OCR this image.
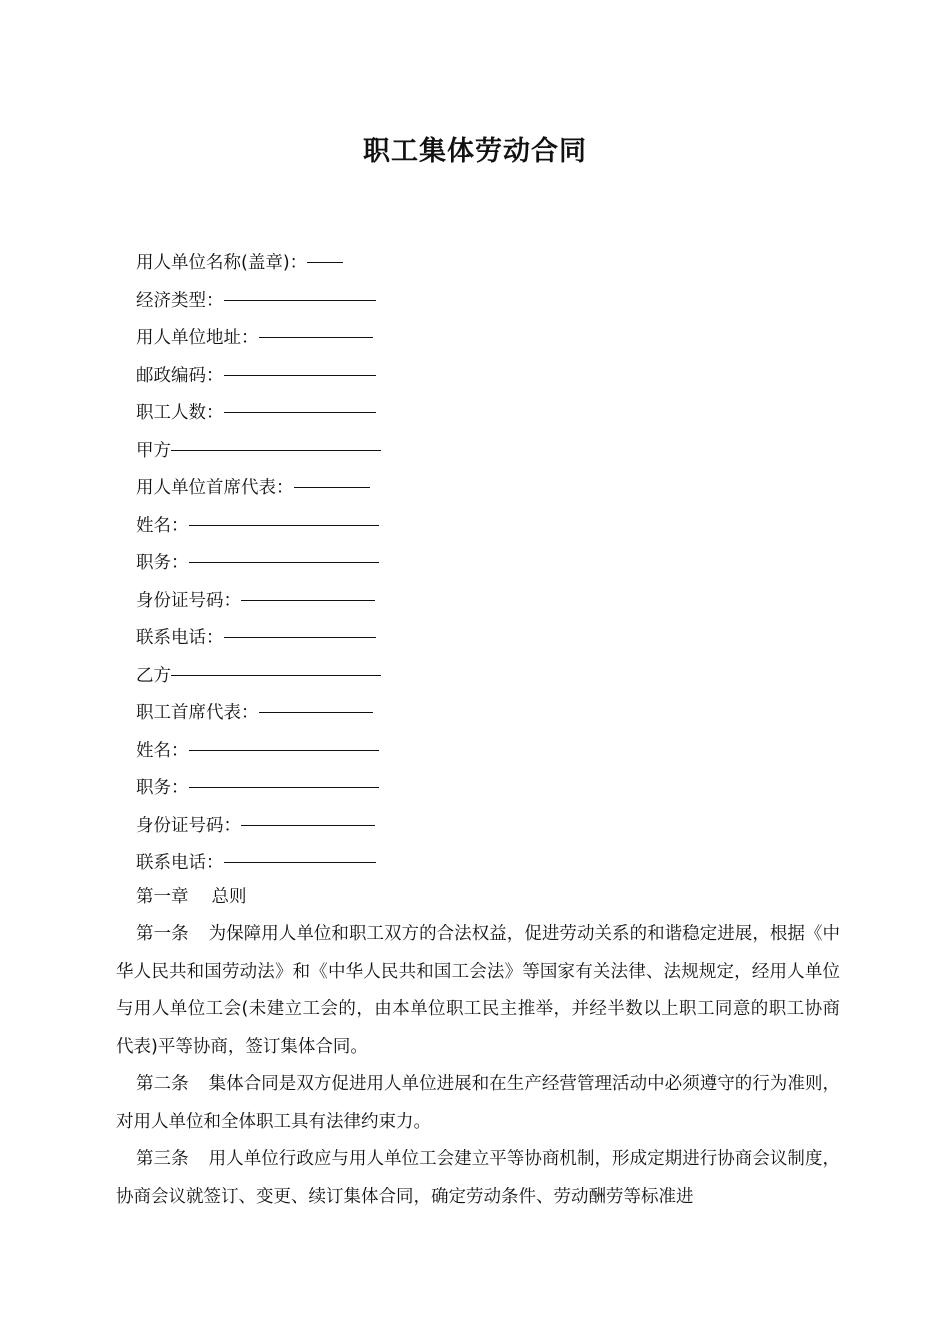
职工集体劳动合同
用人单位名称(盖章)：
经济类型：
用人单位地址：
邮政编码：
职工人数：
甲方
用人单位首席代表：
姓名：
职务：
身份证号码：
联系电话：
乙方
职工首席代表：
姓名：
职务：
身份证号码：
联系电话：
第一章　 总则

第一条 为保障用人单位和职工双方的合法权益，促进劳动关系的和谐稳定进展，根据《中华人民共和国劳动法》和《中华人民共和国工会法》等国家有关法律、法规规定，经用人单位与用人单位工会(未建立工会的，由本单位职工民主推举，并经半数以上职工同意的职工协商代表)平等协商，签订集体合同。

第二条 集体合同是双方促进用人单位进展和在生产经营管理活动中必须遵守的行为准则，对用人单位和全体职工具有法律约束力。

第三条 用人单位行政应与用人单位工会建立平等协商机制，形成定期进行协商会议制度，协商会议就签订、变更、续订集体合同，确定劳动条件、劳动酬劳等标准进
